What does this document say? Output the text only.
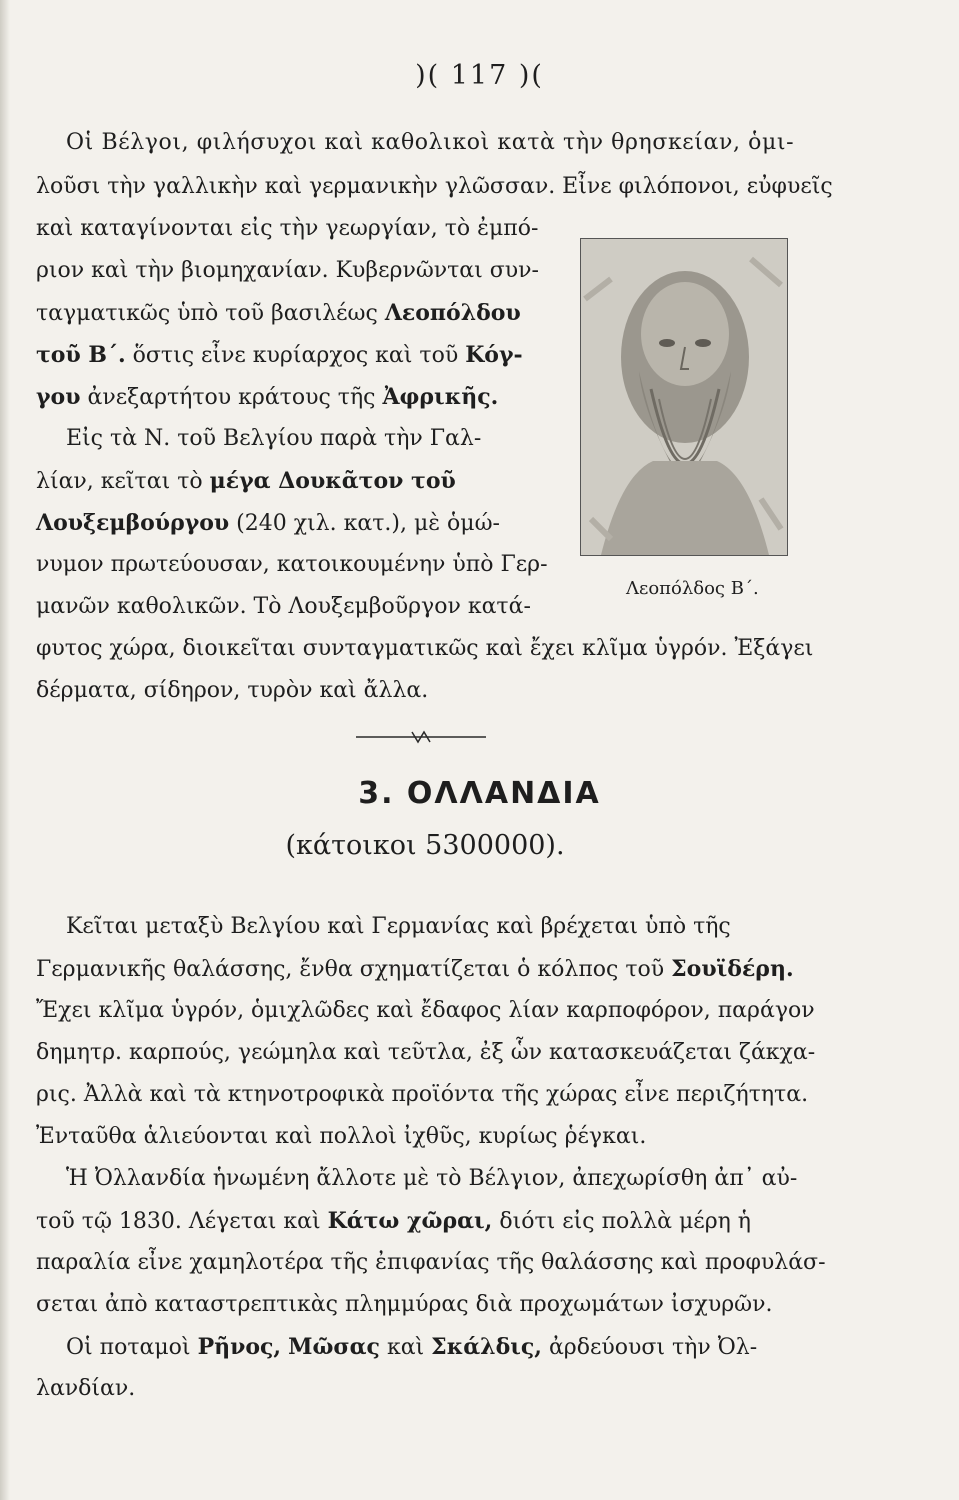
)( 117 )(
Οἱ Βέλγοι, φιλήσυχοι καὶ καθολικοὶ κατὰ τὴν θρησκείαν, ὁμι-
λοῦσι τὴν γαλλικὴν καὶ γερμανικὴν γλῶσσαν. Εἶνε φιλόπονοι, εὐφυεῖς
καὶ καταγίνονται εἰς τὴν γεωργίαν, τὸ ἐμπό-
ριον καὶ τὴν βιομηχανίαν. Κυβερνῶνται συν-
ταγματικῶς ὑπὸ τοῦ βασιλέως Λεοπόλδου
τοῦ Β΄. ὅστις εἶνε κυρίαρχος καὶ τοῦ Κόγ-
γου ἀνεξαρτήτου κράτους τῆς Ἀφρικῆς.
Εἰς τὰ Ν. τοῦ Βελγίου παρὰ τὴν Γαλ-
λίαν, κεῖται τὸ μέγα Δουκᾶτον τοῦ
Λουξεμβούργου (240 χιλ. κατ.), μὲ ὁμώ-
νυμον πρωτεύουσαν, κατοικουμένην ὑπὸ Γερ-
μανῶν καθολικῶν. Τὸ Λουξεμβοῦργον κατά-
φυτος χώρα, διοικεῖται συνταγματικῶς καὶ ἔχει κλῖμα ὑγρόν. Ἐξάγει
δέρματα, σίδηρον, τυρὸν καὶ ἄλλα.
Λεοπόλδος Β΄.
3. ΟΛΛΑΝΔΙΑ
(κάτοικοι 5300000).
Κεῖται μεταξὺ Βελγίου καὶ Γερμανίας καὶ βρέχεται ὑπὸ τῆς
Γερμανικῆς θαλάσσης, ἔνθα σχηματίζεται ὁ κόλπος τοῦ Σουϊδέρη.
Ἔχει κλῖμα ὑγρόν, ὁμιχλῶδες καὶ ἔδαφος λίαν καρποφόρον, παράγον
δημητρ. καρπούς, γεώμηλα καὶ τεῦτλα, ἐξ ὧν κατασκευάζεται ζάκχα-
ρις. Ἀλλὰ καὶ τὰ κτηνοτροφικὰ προϊόντα τῆς χώρας εἶνε περιζήτητα.
Ἐνταῦθα ἁλιεύονται καὶ πολλοὶ ἰχθῦς, κυρίως ῥέγκαι.
Ἡ Ὀλλανδία ἡνωμένη ἄλλοτε μὲ τὸ Βέλγιον, ἀπεχωρίσθη ἀπ᾽ αὐ-
τοῦ τῷ 1830. Λέγεται καὶ Κάτω χῶραι, διότι εἰς πολλὰ μέρη ἡ
παραλία εἶνε χαμηλοτέρα τῆς ἐπιφανίας τῆς θαλάσσης καὶ προφυλάσ-
σεται ἀπὸ καταστρεπτικὰς πλημμύρας διὰ προχωμάτων ἰσχυρῶν.
Οἱ ποταμοὶ Ρῆνος, Μῶσας καὶ Σκάλδις, ἀρδεύουσι τὴν Ὀλ-
λανδίαν.
